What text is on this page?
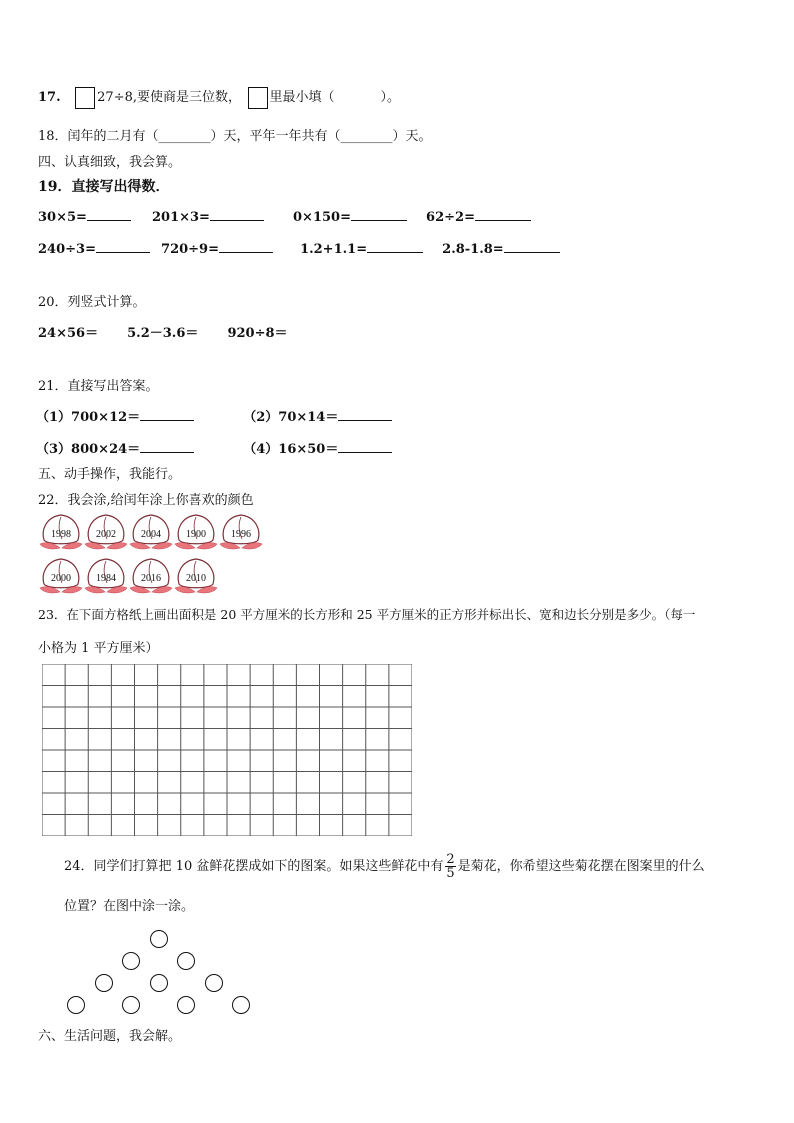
17.	27÷8,要使商是三位数， 里最小填（	）。
18．闰年的二月有（________）天，平年一年共有（________）天。
四、认真细致，我会算。
19．直接写出得数．
30×5=	201×3=	0×150=	62÷2=
240÷3=	720÷9=	1.2+1.1=	2.8-1.8=
20．列竖式计算。
24×56＝ 5.2－3.6＝ 920÷8＝
21．直接写出答案。
（1）700×12＝	（2）70×14＝
（3）800×24＝	（4）16×50＝
五、动手操作，我能行。
22．我会涂,给闰年涂上你喜欢的颜色
1998	2002	2004	1900	1996
2000	1984	2016	2010
23．在下面方格纸上画出面积是 20 平方厘米的长方形和 25 平方厘米的正方形并标出长、宽和边长分别是多少。（每一
小格为 1 平方厘米）
24．同学们打算把 10 盆鲜花摆成如下的图案。如果这些鲜花中有 $\frac{2}{5}$ 是菊花，你希望这些菊花摆在图案里的什么
位置？在图中涂一涂。
六、生活问题，我会解。
